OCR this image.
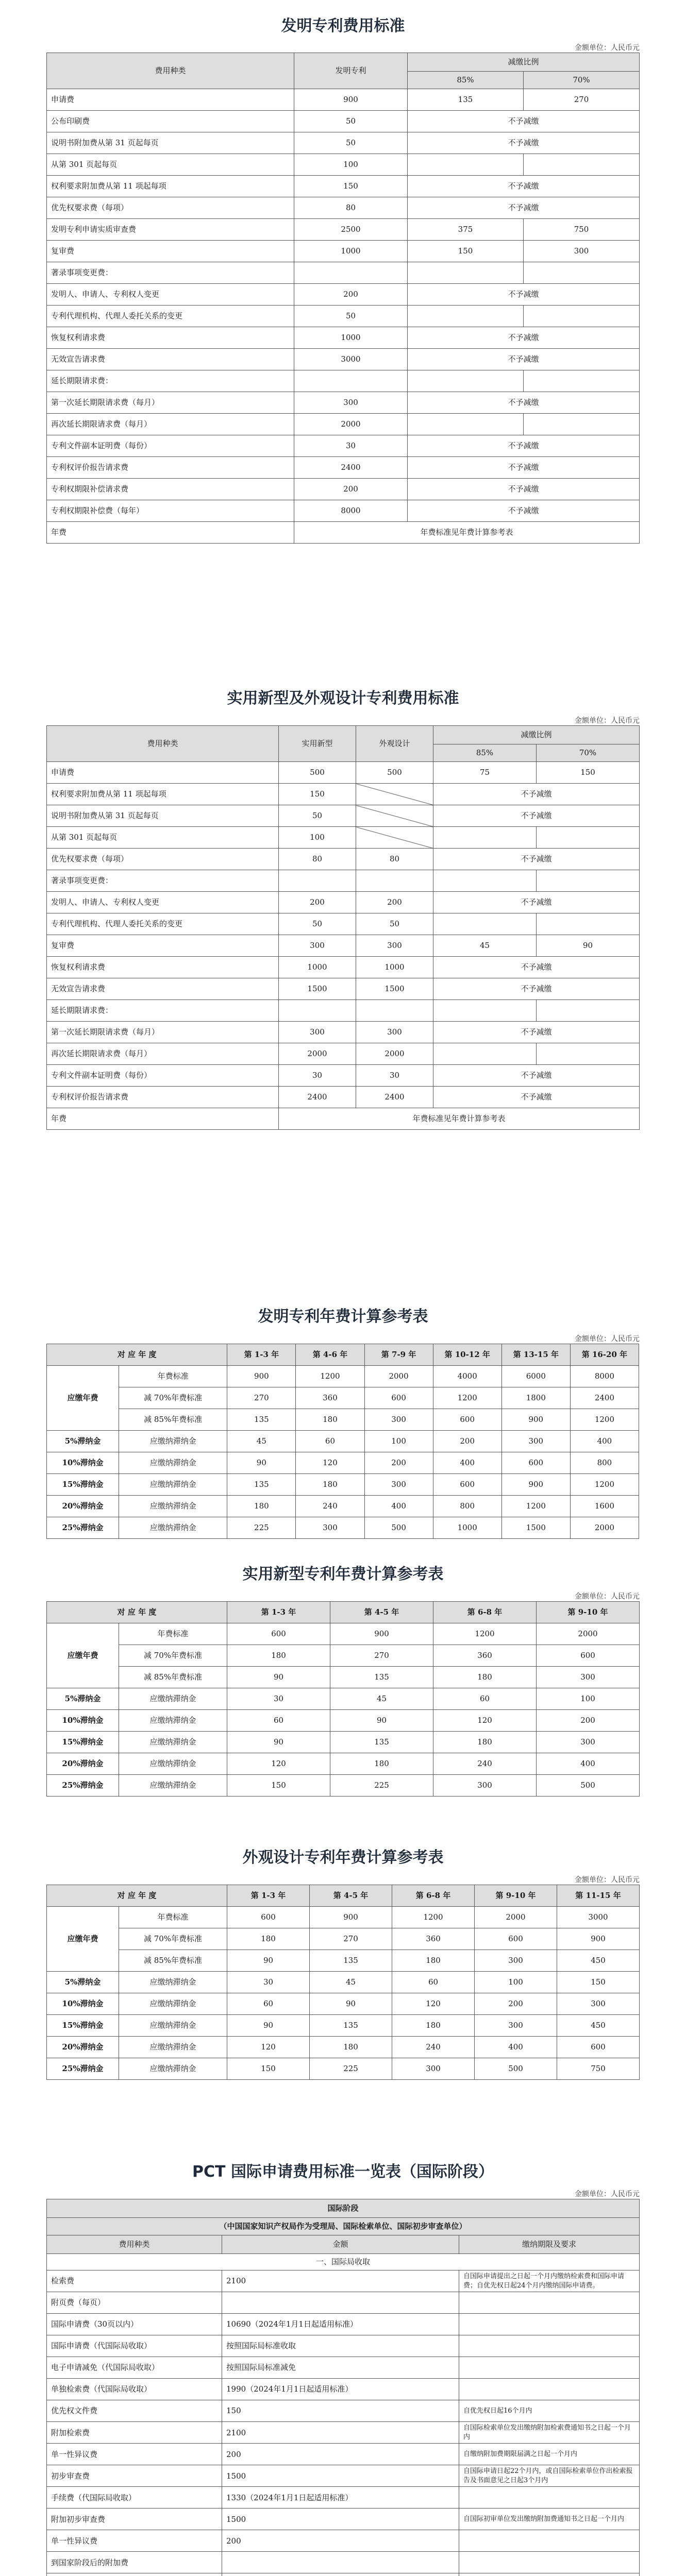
发明专利费用标准
金额单位：人民币元
费用种类	发明专利	减缴比例	
		85%	70%
申请费	900	135	270
公布印刷费	50	不予减缴	
说明书附加费从第 31 页起每页	50	不予减缴	
从第 301 页起每页	100		
权利要求附加费从第 11 项起每项	150	不予减缴	
优先权要求费（每项）	80	不予减缴	
发明专利申请实质审查费	2500	375	750
复审费	1000	150	300
著录事项变更费：			
发明人、申请人、专利权人变更	200	不予减缴	
专利代理机构、代理人委托关系的变更	50		
恢复权利请求费	1000	不予减缴	
无效宣告请求费	3000	不予减缴	
延长期限请求费：			
第一次延长期限请求费（每月）	300	不予减缴	
再次延长期限请求费（每月）	2000		
专利文件副本证明费（每份）	30	不予减缴	
专利权评价报告请求费	2400	不予减缴	
专利权期限补偿请求费	200	不予减缴	
专利权期限补偿费（每年）	8000	不予减缴	
年费	年费标准见年费计算参考表		
实用新型及外观设计专利费用标准
金额单位：人民币元
费用种类	实用新型	外观设计	减缴比例	
			85%	70%
申请费	500	500	75	150
权利要求附加费从第 11 项起每项	150		不予减缴	
说明书附加费从第 31 页起每页	50		不予减缴	
从第 301 页起每页	100			
优先权要求费（每项）	80	80	不予减缴	
著录事项变更费：				
发明人、申请人、专利权人变更	200	200	不予减缴	
专利代理机构、代理人委托关系的变更	50	50		
复审费	300	300	45	90
恢复权利请求费	1000	1000	不予减缴	
无效宣告请求费	1500	1500	不予减缴	
延长期限请求费：				
第一次延长期限请求费（每月）	300	300	不予减缴	
再次延长期限请求费（每月）	2000	2000		
专利文件副本证明费（每份）	30	30	不予减缴	
专利权评价报告请求费	2400	2400	不予减缴	
年费	年费标准见年费计算参考表			
发明专利年费计算参考表
金额单位：人民币元
对 应 年 度		第 1-3 年	第 4-6 年	第 7-9 年	第 10-12 年	第 13-15 年	第 16-20 年
应缴年费	年费标准	900	1200	2000	4000	6000	8000
	减 70%年费标准	270	360	600	1200	1800	2400
	减 85%年费标准	135	180	300	600	900	1200
5%滞纳金	应缴纳滞纳金	45	60	100	200	300	400
10%滞纳金	应缴纳滞纳金	90	120	200	400	600	800
15%滞纳金	应缴纳滞纳金	135	180	300	600	900	1200
20%滞纳金	应缴纳滞纳金	180	240	400	800	1200	1600
25%滞纳金	应缴纳滞纳金	225	300	500	1000	1500	2000
实用新型专利年费计算参考表
金额单位：人民币元
对 应 年 度		第 1-3 年	第 4-5 年	第 6-8 年	第 9-10 年
应缴年费	年费标准	600	900	1200	2000
	减 70%年费标准	180	270	360	600
	减 85%年费标准	90	135	180	300
5%滞纳金	应缴纳滞纳金	30	45	60	100
10%滞纳金	应缴纳滞纳金	60	90	120	200
15%滞纳金	应缴纳滞纳金	90	135	180	300
20%滞纳金	应缴纳滞纳金	120	180	240	400
25%滞纳金	应缴纳滞纳金	150	225	300	500
外观设计专利年费计算参考表
金额单位：人民币元
对 应 年 度		第 1-3 年	第 4-5 年	第 6-8 年	第 9-10 年	第 11-15 年
应缴年费	年费标准	600	900	1200	2000	3000
	减 70%年费标准	180	270	360	600	900
	减 85%年费标准	90	135	180	300	450
5%滞纳金	应缴纳滞纳金	30	45	60	100	150
10%滞纳金	应缴纳滞纳金	60	90	120	200	300
15%滞纳金	应缴纳滞纳金	90	135	180	300	450
20%滞纳金	应缴纳滞纳金	120	180	240	400	600
25%滞纳金	应缴纳滞纳金	150	225	300	500	750
PCT 国际申请费用标准一览表（国际阶段）
金额单位：人民币元
国际阶段		
（中国国家知识产权局作为受理局、国际检索单位、国际初步审查单位）		
费用种类	金额	缴纳期限及要求
一、国际局收取		
检索费	2100	自国际申请提出之日起一个月内缴纳检索费和国际申请费；自优先权日起24个月内缴纳国际申请费。
附页费（每页）		
国际申请费（30页以内）	10690（2024年1月1日起适用标准）	
国际申请费（代国际局收取）	按照国际局标准收取	
电子申请减免（代国际局收取）	按照国际局标准减免	
单独检索费（代国际局收取）	1990（2024年1月1日起适用标准）	
优先权文件费	150	自优先权日起16个月内
附加检索费	2100	自国际检索单位发出缴纳附加检索费通知书之日起一个月内
单一性异议费	200	自缴纳附加费期限届满之日起一个月内
初步审查费	1500	自国际申请日起22个月内，或自国际检索单位作出检索报告及书面意见之日起3个月内
手续费（代国际局收取）	1330（2024年1月1日起适用标准）	
附加初步审查费	1500	自国际初审单位发出缴纳附加费通知书之日起一个月内
单一性异议费	200	
到国家阶段后的附加费		
